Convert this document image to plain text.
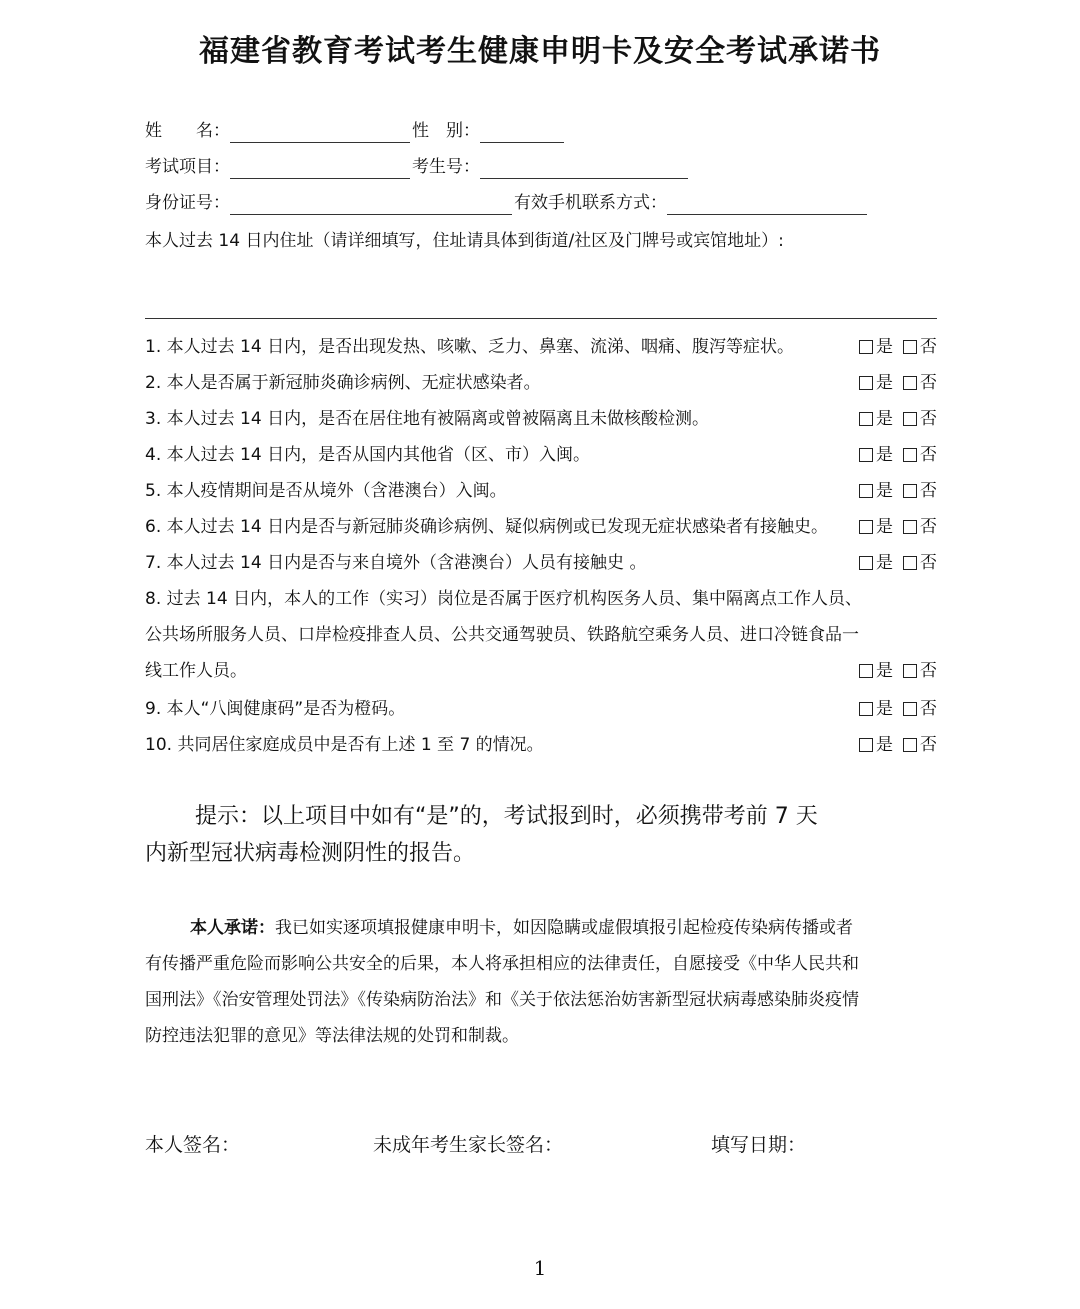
福建省教育考试考生健康申明卡及安全考试承诺书
姓　　名：	性　别：
考试项目：	考生号：
身份证号：	有效手机联系方式：
本人过去 14 日内住址（请详细填写，住址请具体到街道/社区及门牌号或宾馆地址）:
1. 本人过去 14 日内，是否出现发热、咳嗽、乏力、鼻塞、流涕、咽痛、腹泻等症状。	是 否
2. 本人是否属于新冠肺炎确诊病例、无症状感染者。	是 否
3. 本人过去 14 日内，是否在居住地有被隔离或曾被隔离且未做核酸检测。	是 否
4. 本人过去 14 日内，是否从国内其他省（区、市）入闽。	是 否
5. 本人疫情期间是否从境外（含港澳台）入闽。	是 否
6. 本人过去 14 日内是否与新冠肺炎确诊病例、疑似病例或已发现无症状感染者有接触史。	是 否
7. 本人过去 14 日内是否与来自境外（含港澳台）人员有接触史 。	是 否
8. 过去 14 日内，本人的工作（实习）岗位是否属于医疗机构医务人员、集中隔离点工作人员、
公共场所服务人员、口岸检疫排查人员、公共交通驾驶员、铁路航空乘务人员、进口冷链食品一
线工作人员。	是 否
9. 本人“八闽健康码”是否为橙码。	是 否
10. 共同居住家庭成员中是否有上述 1 至 7 的情况。	是 否

提示：以上项目中如有“是”的，考试报到时，必须携带考前 7 天
内新型冠状病毒检测阴性的报告。

本人承诺：我已如实逐项填报健康申明卡，如因隐瞒或虚假填报引起检疫传染病传播或者
有传播严重危险而影响公共安全的后果，本人将承担相应的法律责任，自愿接受《中华人民共和
国刑法》《治安管理处罚法》《传染病防治法》和《关于依法惩治妨害新型冠状病毒感染肺炎疫情
防控违法犯罪的意见》等法律法规的处罚和制裁。

本人签名：	未成年考生家长签名：	填写日期：
1
